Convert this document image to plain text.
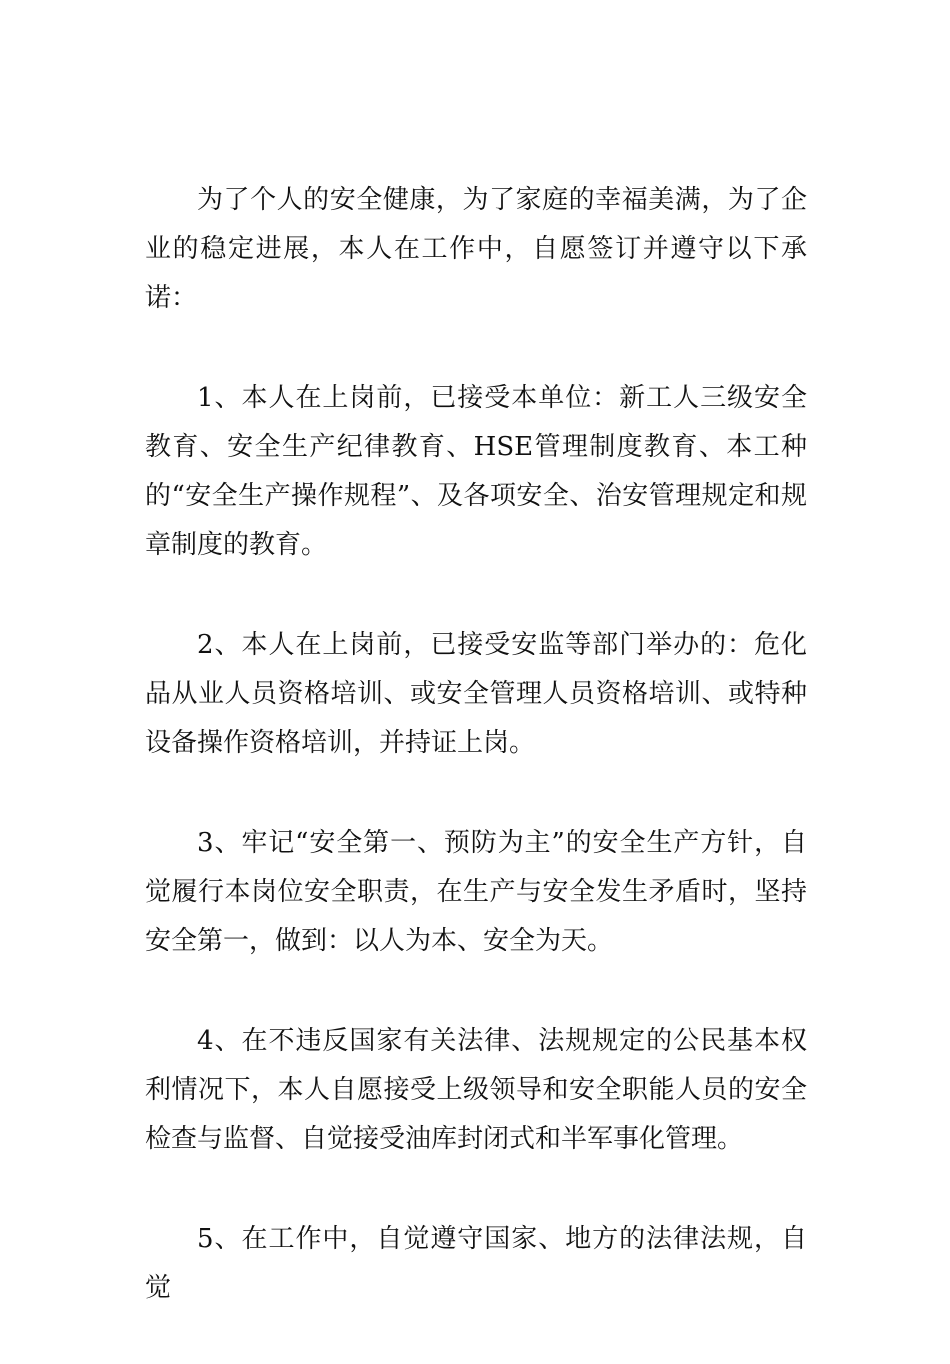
为了个人的安全健康，为了家庭的幸福美满，为了企业的稳定进展，本人在工作中，自愿签订并遵守以下承诺：

1、本人在上岗前，已接受本单位：新工人三级安全教育、安全生产纪律教育、HSE管理制度教育、本工种的“安全生产操作规程”、及各项安全、治安管理规定和规章制度的教育。

2、本人在上岗前，已接受安监等部门举办的：危化品从业人员资格培训、或安全管理人员资格培训、或特种设备操作资格培训，并持证上岗。

3、牢记“安全第一、预防为主”的安全生产方针，自觉履行本岗位安全职责，在生产与安全发生矛盾时，坚持安全第一，做到：以人为本、安全为天。

4、在不违反国家有关法律、法规规定的公民基本权利情况下，本人自愿接受上级领导和安全职能人员的安全检查与监督、自觉接受油库封闭式和半军事化管理。

5、在工作中，自觉遵守国家、地方的法律法规，自觉
